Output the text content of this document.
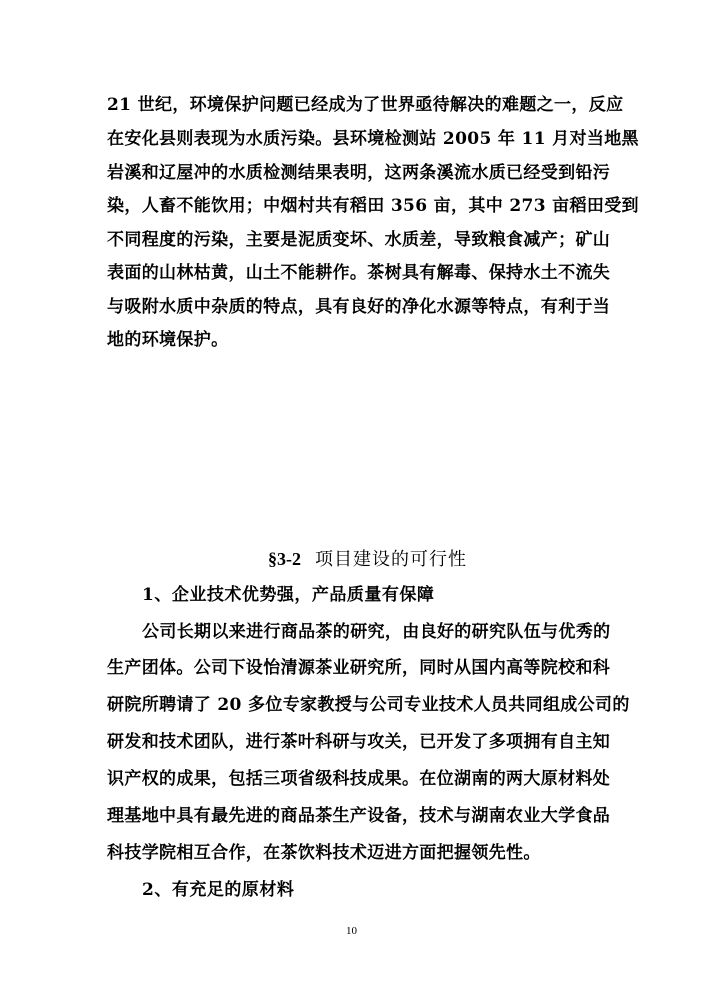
21 世纪，环境保护问题已经成为了世界亟待解决的难题之一，反应
在安化县则表现为水质污染。县环境检测站 2005 年 11 月对当地黑
岩溪和辽屋冲的水质检测结果表明，这两条溪流水质已经受到铅污
染，人畜不能饮用；中烟村共有稻田 356 亩，其中 273 亩稻田受到
不同程度的污染，主要是泥质变坏、水质差，导致粮食减产；矿山
表面的山林枯黄，山土不能耕作。茶树具有解毒、保持水土不流失
与吸附水质中杂质的特点，具有良好的净化水源等特点，有利于当
地的环境保护。
§3-2 项目建设的可行性
1、企业技术优势强，产品质量有保障
公司长期以来进行商品茶的研究，由良好的研究队伍与优秀的
生产团体。公司下设怡清源茶业研究所，同时从国内高等院校和科
研院所聘请了 20 多位专家教授与公司专业技术人员共同组成公司的
研发和技术团队，进行茶叶科研与攻关，已开发了多项拥有自主知
识产权的成果，包括三项省级科技成果。在位湖南的两大原材料处
理基地中具有最先进的商品茶生产设备，技术与湖南农业大学食品
科技学院相互合作，在茶饮料技术迈进方面把握领先性。
2、有充足的原材料
10
